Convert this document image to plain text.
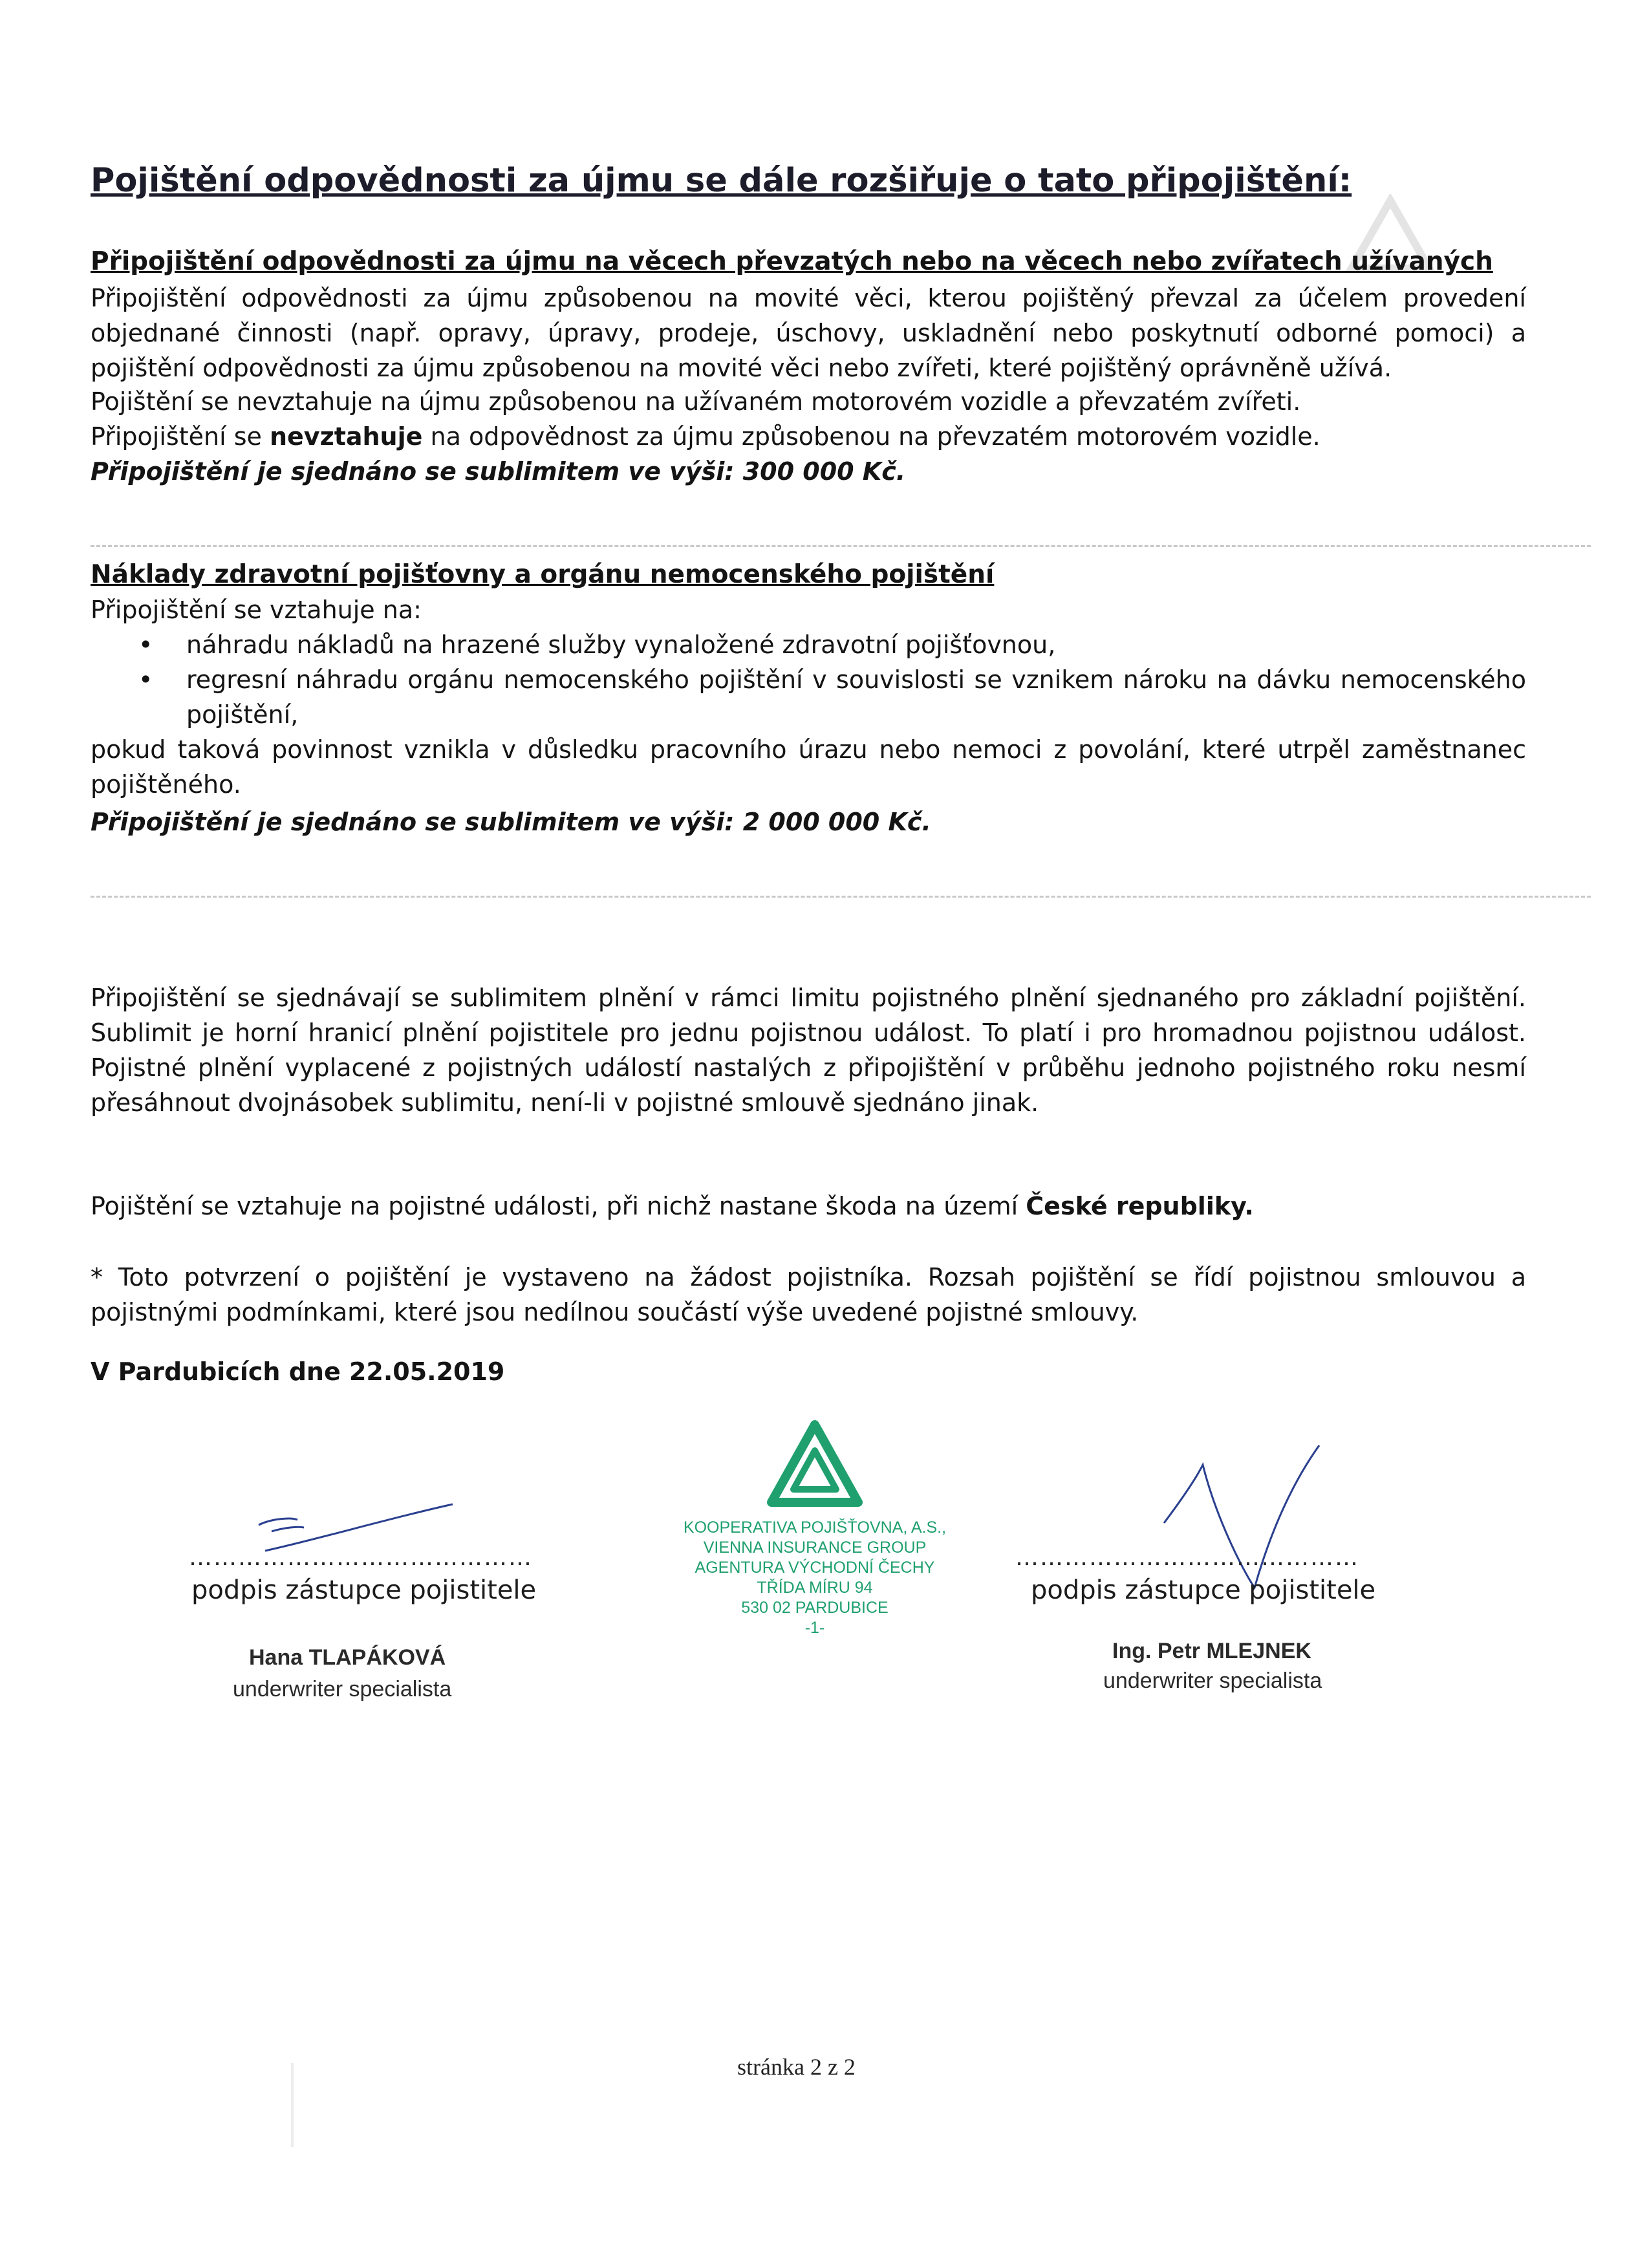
Pojištění odpovědnosti za újmu se dále rozšiřuje o tato připojištění:
Připojištění odpovědnosti za újmu na věcech převzatých nebo na věcech nebo zvířatech užívaných
Připojištění odpovědnosti za újmu způsobenou na movité věci, kterou pojištěný převzal za účelem provedení objednané činnosti (např. opravy, úpravy, prodeje, úschovy, uskladnění nebo poskytnutí odborné pomoci) a pojištění odpovědnosti za újmu způsobenou na movité věci nebo zvířeti, které pojištěný oprávněně užívá.
Pojištění se nevztahuje na újmu způsobenou na užívaném motorovém vozidle a převzatém zvířeti.
Připojištění se nevztahuje na odpovědnost za újmu způsobenou na převzatém motorovém vozidle.
Připojištění je sjednáno se sublimitem ve výši: 300 000 Kč.
Náklady zdravotní pojišťovny a orgánu nemocenského pojištění
Připojištění se vztahuje na:
• náhradu nákladů na hrazené služby vynaložené zdravotní pojišťovnou,
• regresní náhradu orgánu nemocenského pojištění v souvislosti se vznikem nároku na dávku nemocenského pojištění,
pokud taková povinnost vznikla v důsledku pracovního úrazu nebo nemoci z povolání, které utrpěl zaměstnanec pojištěného.
Připojištění je sjednáno se sublimitem ve výši: 2 000 000 Kč.
Připojištění se sjednávají se sublimitem plnění v rámci limitu pojistného plnění sjednaného pro základní pojištění. Sublimit je horní hranicí plnění pojistitele pro jednu pojistnou událost. To platí i pro hromadnou pojistnou událost. Pojistné plnění vyplacené z pojistných událostí nastalých z připojištění v průběhu jednoho pojistného roku nesmí přesáhnout dvojnásobek sublimitu, není-li v pojistné smlouvě sjednáno jinak.
Pojištění se vztahuje na pojistné události, při nichž nastane škoda na území České republiky.
* Toto potvrzení o pojištění je vystaveno na žádost pojistníka. Rozsah pojištění se řídí pojistnou smlouvou a pojistnými podmínkami, které jsou nedílnou součástí výše uvedené pojistné smlouvy.
V Pardubicích dne 22.05.2019
……………………………………
podpis zástupce pojistitele
Hana TLAPÁKOVÁ
underwriter specialista
KOOPERATIVA POJIŠŤOVNA, A.S.,
VIENNA INSURANCE GROUP
AGENTURA VÝCHODNÍ ČECHY
TŘÍDA MÍRU 94
530 02 PARDUBICE
-1-
……………………………………
podpis zástupce pojistitele
Ing. Petr MLEJNEK
underwriter specialista
stránka 2 z 2
